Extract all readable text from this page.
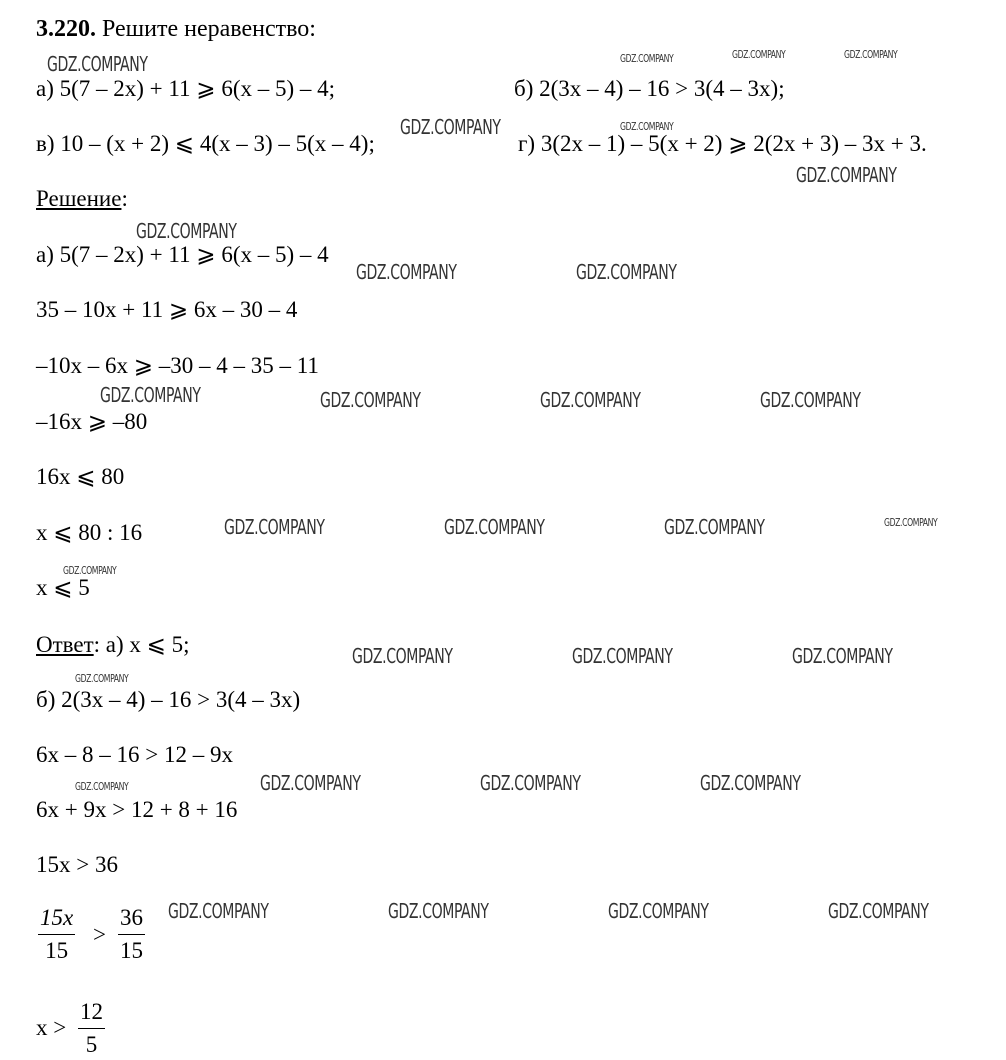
3.220. Решите неравенство:
а) 5(7 – 2x) + 11 ⩾ 6(x – 5) – 4;	б) 2(3x – 4) – 16 > 3(4 – 3x);
в) 10 – (x + 2) ⩽ 4(x – 3) – 5(x – 4);	г) 3(2x – 1) – 5(x + 2) ⩾ 2(2x + 3) – 3x + 3.
Решение:
а) 5(7 – 2x) + 11 ⩾ 6(x – 5) – 4
35 – 10x + 11 ⩾ 6x – 30 – 4
–10x – 6x ⩾ –30 – 4 – 35 – 11
–16x ⩾ –80
16x ⩽ 80
x ⩽ 80 : 16
x ⩽ 5
Ответ: а) x ⩽ 5;
б) 2(3x – 4) – 16 > 3(4 – 3x)
6x – 8 – 16 > 12 – 9x
6x + 9x > 12 + 8 + 16
15x > 36
15x
15
>
36
15
x >
12
5
GDZ.COMPANY	GDZ.COMPANY	GDZ.COMPANY	GDZ.COMPANY
GDZ.COMPANY	GDZ.COMPANY
GDZ.COMPANY
GDZ.COMPANY
GDZ.COMPANY	GDZ.COMPANY
GDZ.COMPANY	GDZ.COMPANY	GDZ.COMPANY	GDZ.COMPANY
GDZ.COMPANY	GDZ.COMPANY	GDZ.COMPANY	GDZ.COMPANY
GDZ.COMPANY
GDZ.COMPANY	GDZ.COMPANY	GDZ.COMPANY
GDZ.COMPANY
GDZ.COMPANY	GDZ.COMPANY	GDZ.COMPANY	GDZ.COMPANY
GDZ.COMPANY	GDZ.COMPANY	GDZ.COMPANY	GDZ.COMPANY
